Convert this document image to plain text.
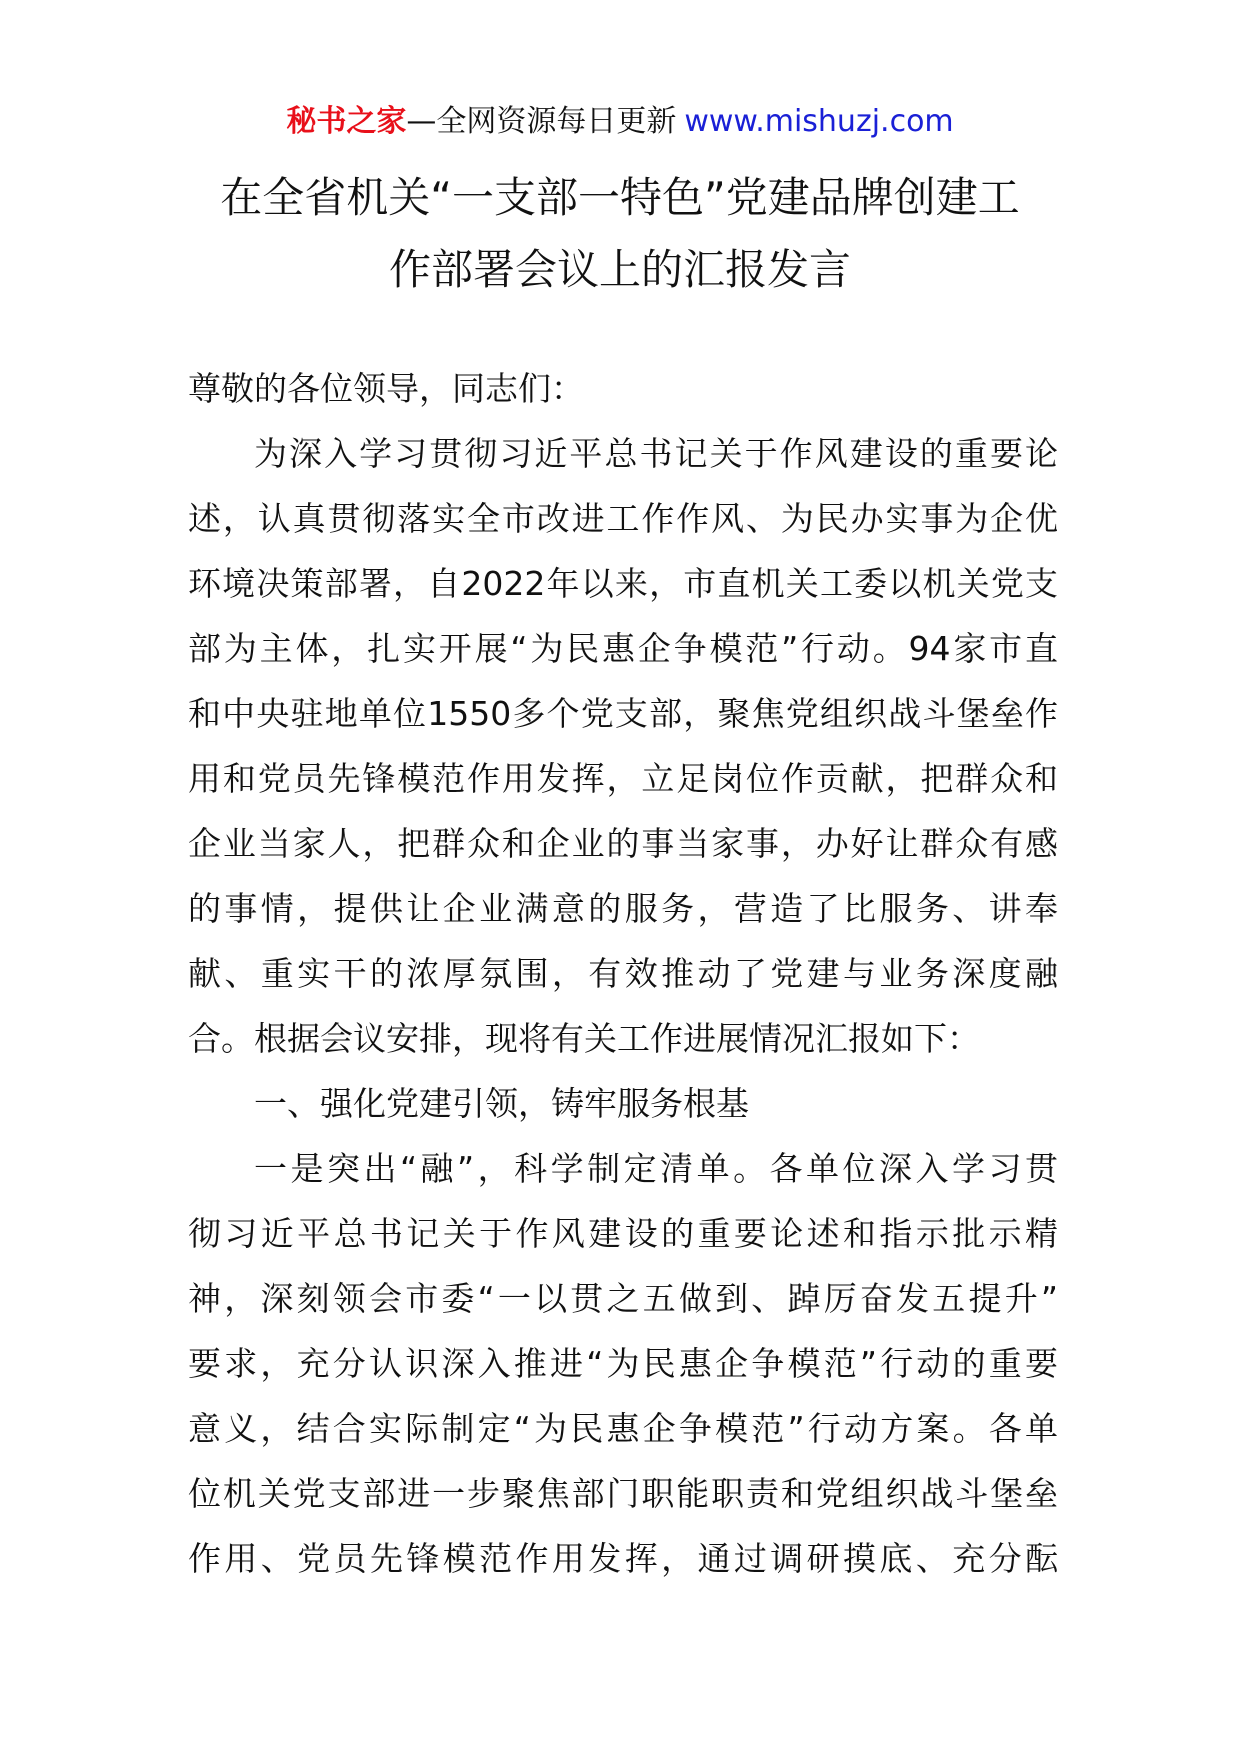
秘书之家—全网资源每日更新 www.mishuzj.com
在全省机关“一支部一特色”党建品牌创建工
作部署会议上的汇报发言
尊敬的各位领导，同志们：
为深入学习贯彻习近平总书记关于作风建设的重要论
述，认真贯彻落实全市改进工作作风、为民办实事为企优
环境决策部署，自2022年以来，市直机关工委以机关党支
部为主体，扎实开展“为民惠企争模范”行动。94家市直
和中央驻地单位1550多个党支部，聚焦党组织战斗堡垒作
用和党员先锋模范作用发挥，立足岗位作贡献，把群众和
企业当家人，把群众和企业的事当家事，办好让群众有感
的事情，提供让企业满意的服务，营造了比服务、讲奉
献、重实干的浓厚氛围，有效推动了党建与业务深度融
合。根据会议安排，现将有关工作进展情况汇报如下：
一、强化党建引领，铸牢服务根基
一是突出“融”，科学制定清单。各单位深入学习贯
彻习近平总书记关于作风建设的重要论述和指示批示精
神，深刻领会市委“一以贯之五做到、踔厉奋发五提升”
要求，充分认识深入推进“为民惠企争模范”行动的重要
意义，结合实际制定“为民惠企争模范”行动方案。各单
位机关党支部进一步聚焦部门职能职责和党组织战斗堡垒
作用、党员先锋模范作用发挥，通过调研摸底、充分酝
